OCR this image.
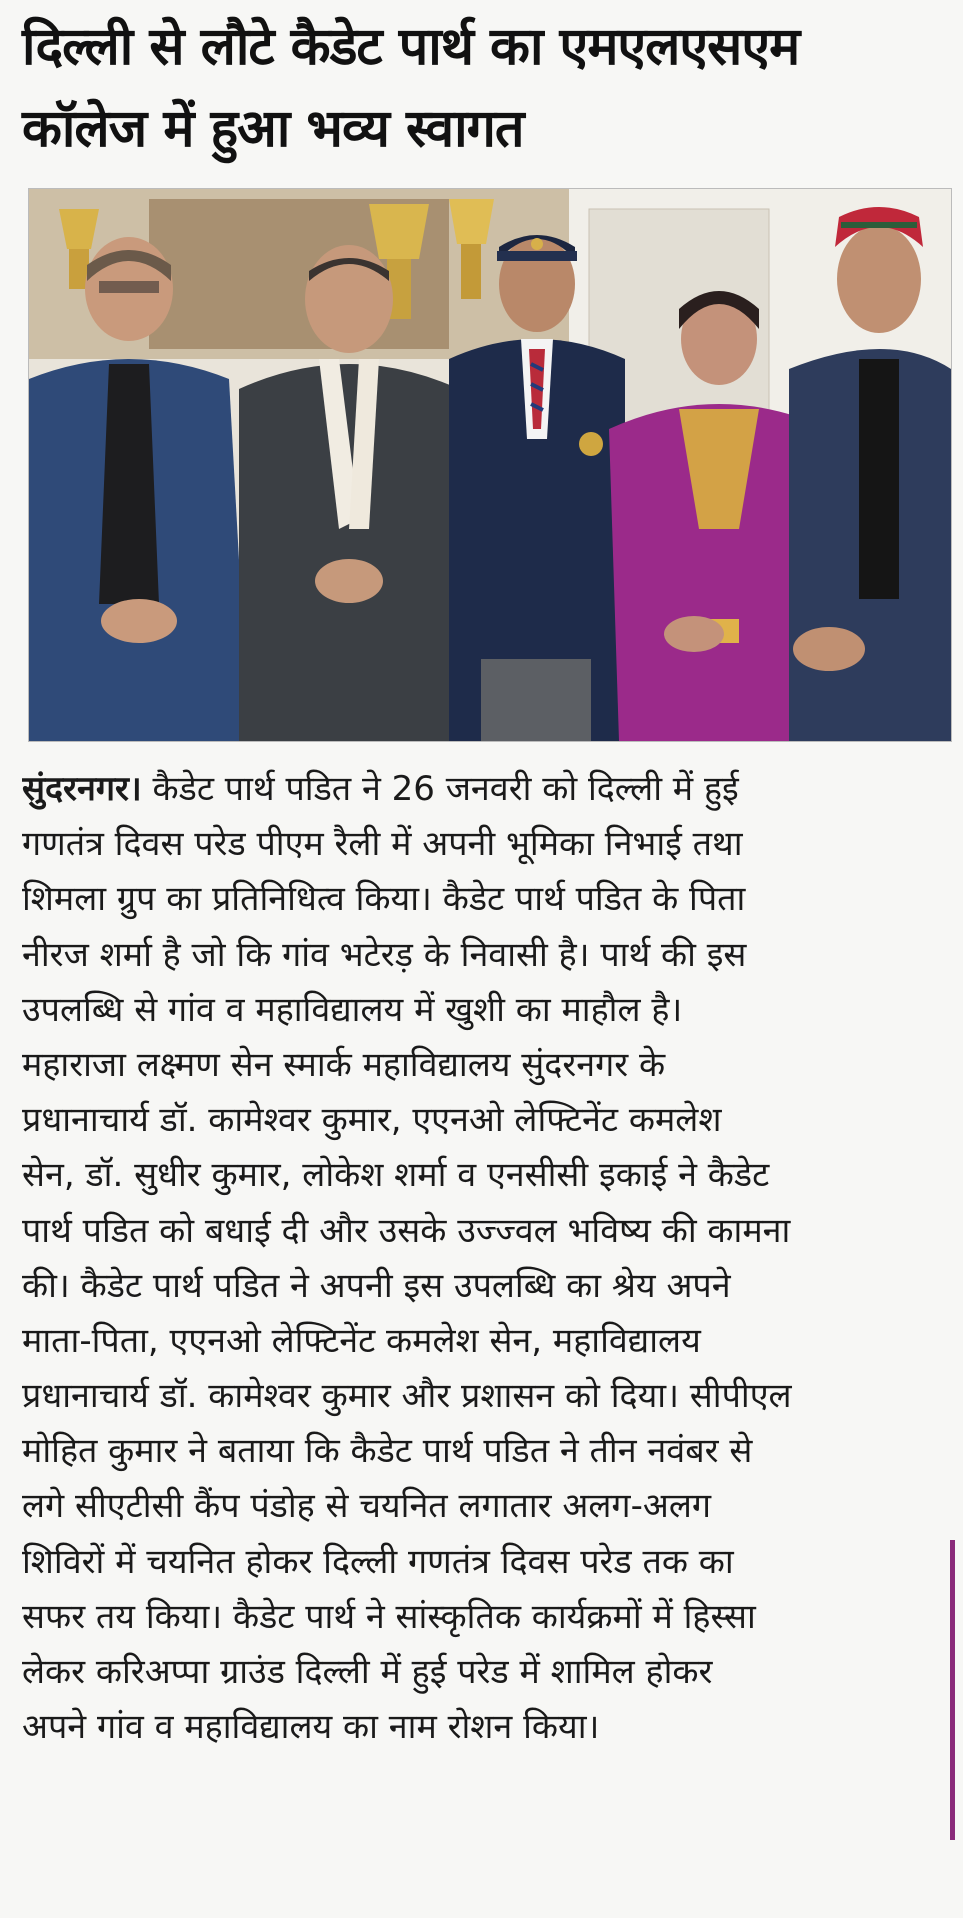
दिल्ली से लौटे कैडेट पार्थ का एमएलएसएम
कॉलेज में हुआ भव्य स्वागत
सुंदरनगर। कैडेट पार्थ पडित ने 26 जनवरी को दिल्ली में हुई
गणतंत्र दिवस परेड पीएम रैली में अपनी भूमिका निभाई तथा
शिमला ग्रुप का प्रतिनिधित्व किया। कैडेट पार्थ पडित के पिता
नीरज शर्मा है जो कि गांव भटेरड़ के निवासी है। पार्थ की इस
उपलब्धि से गांव व महाविद्यालय में खुशी का माहौल है।
महाराजा लक्ष्मण सेन स्मार्क महाविद्यालय सुंदरनगर के
प्रधानाचार्य डॉ. कामेश्वर कुमार, एएनओ लेफ्टिनेंट कमलेश
सेन, डॉ. सुधीर कुमार, लोकेश शर्मा व एनसीसी इकाई ने कैडेट
पार्थ पडित को बधाई दी और उसके उज्ज्वल भविष्य की कामना
की। कैडेट पार्थ पडित ने अपनी इस उपलब्धि का श्रेय अपने
माता-पिता, एएनओ लेफ्टिनेंट कमलेश सेन, महाविद्यालय
प्रधानाचार्य डॉ. कामेश्वर कुमार और प्रशासन को दिया। सीपीएल
मोहित कुमार ने बताया कि कैडेट पार्थ पडित ने तीन नवंबर से
लगे सीएटीसी कैंप पंडोह से चयनित लगातार अलग-अलग
शिविरों में चयनित होकर दिल्ली गणतंत्र दिवस परेड तक का
सफर तय किया। कैडेट पार्थ ने सांस्कृतिक कार्यक्रमों में हिस्सा
लेकर करिअप्पा ग्राउंड दिल्ली में हुई परेड में शामिल होकर
अपने गांव व महाविद्यालय का नाम रोशन किया।
